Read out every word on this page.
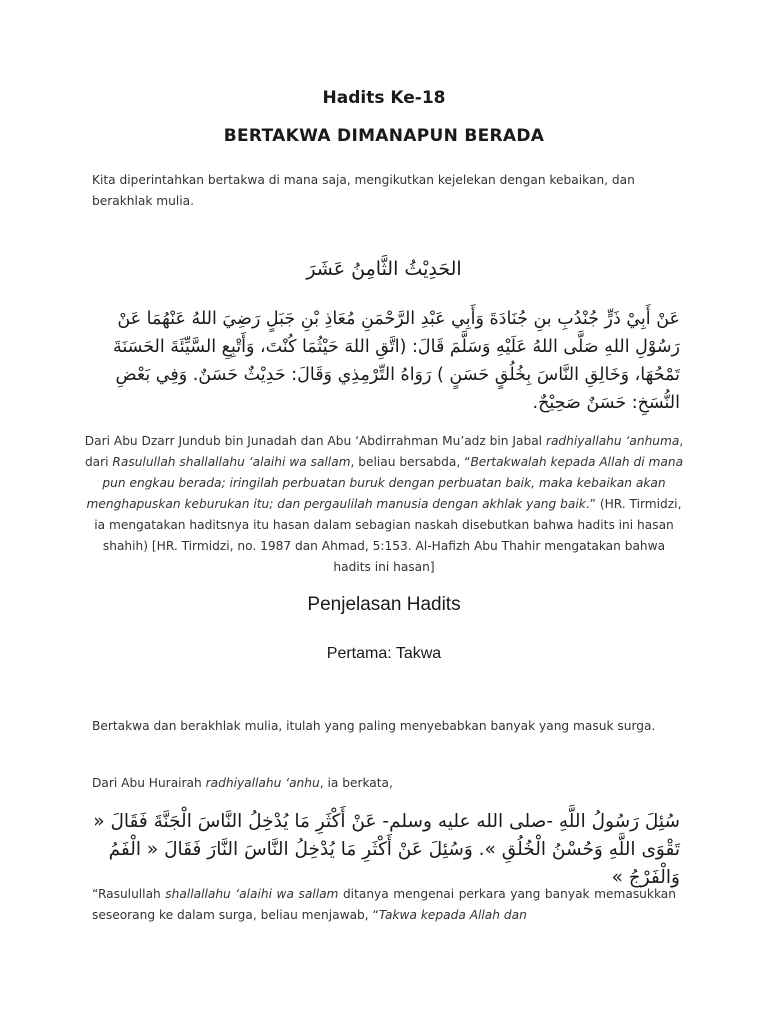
Hadits Ke-18
BERTAKWA DIMANAPUN BERADA
Kita diperintahkan bertakwa di mana saja, mengikutkan kejelekan dengan kebaikan, dan berakhlak mulia.
الحَدِيْثُ الثَّامِنُ عَشَرَ
عَنْ أَبِيْ ذَرٍّ جُنْدُبِ بنِ جُنَادَةَ وَأَبِي عَبْدِ الرَّحْمَنِ مُعَاذِ بْنِ جَبَلٍ رَضِيَ اللهُ عَنْهُمَا عَنْ رَسُوْلِ اللهِ صَلَّى اللهُ عَلَيْهِ وَسَلَّمَ قَالَ: (اتَّقِ اللهَ حَيْثُمَا كُنْتَ، وَأَتْبِعِ السَّيِّئَةَ الحَسَنَةَ تَمْحُهَا، وَخَالِقِ النَّاسَ بِخُلُقٍ حَسَنٍ ) رَوَاهُ التِّرْمِذِي وَقَالَ: حَدِيْثٌ حَسَنٌ. وَفِي بَعْضِ النُّسَخِ: حَسَنٌ صَحِيْحٌ.
Dari Abu Dzarr Jundub bin Junadah dan Abu ‘Abdirrahman Mu’adz bin Jabal radhiyallahu ‘anhuma, dari Rasulullah shallallahu ‘alaihi wa sallam, beliau bersabda, “Bertakwalah kepada Allah di mana pun engkau berada; iringilah perbuatan buruk dengan perbuatan baik, maka kebaikan akan menghapuskan keburukan itu; dan pergaulilah manusia dengan akhlak yang baik.” (HR. Tirmidzi, ia mengatakan haditsnya itu hasan dalam sebagian naskah disebutkan bahwa hadits ini hasan shahih) [HR. Tirmidzi, no. 1987 dan Ahmad, 5:153. Al-Hafizh Abu Thahir mengatakan bahwa hadits ini hasan]
Penjelasan Hadits
Pertama: Takwa
Bertakwa dan berakhlak mulia, itulah yang paling menyebabkan banyak yang masuk surga.
Dari Abu Hurairah radhiyallahu ‘anhu, ia berkata,
سُئِلَ رَسُولُ اللَّهِ -صلى الله عليه وسلم- عَنْ أَكْثَرِ مَا يُدْخِلُ النَّاسَ الْجَنَّةَ فَقَالَ « تَقْوَى اللَّهِ وَحُسْنُ الْخُلُقِ ». وَسُئِلَ عَنْ أَكْثَرِ مَا يُدْخِلُ النَّاسَ النَّارَ فَقَالَ « الْفَمُ وَالْفَرْجُ »
“Rasulullah shallallahu ‘alaihi wa sallam ditanya mengenai perkara yang banyak memasukkan seseorang ke dalam surga, beliau menjawab, “Takwa kepada Allah dan
